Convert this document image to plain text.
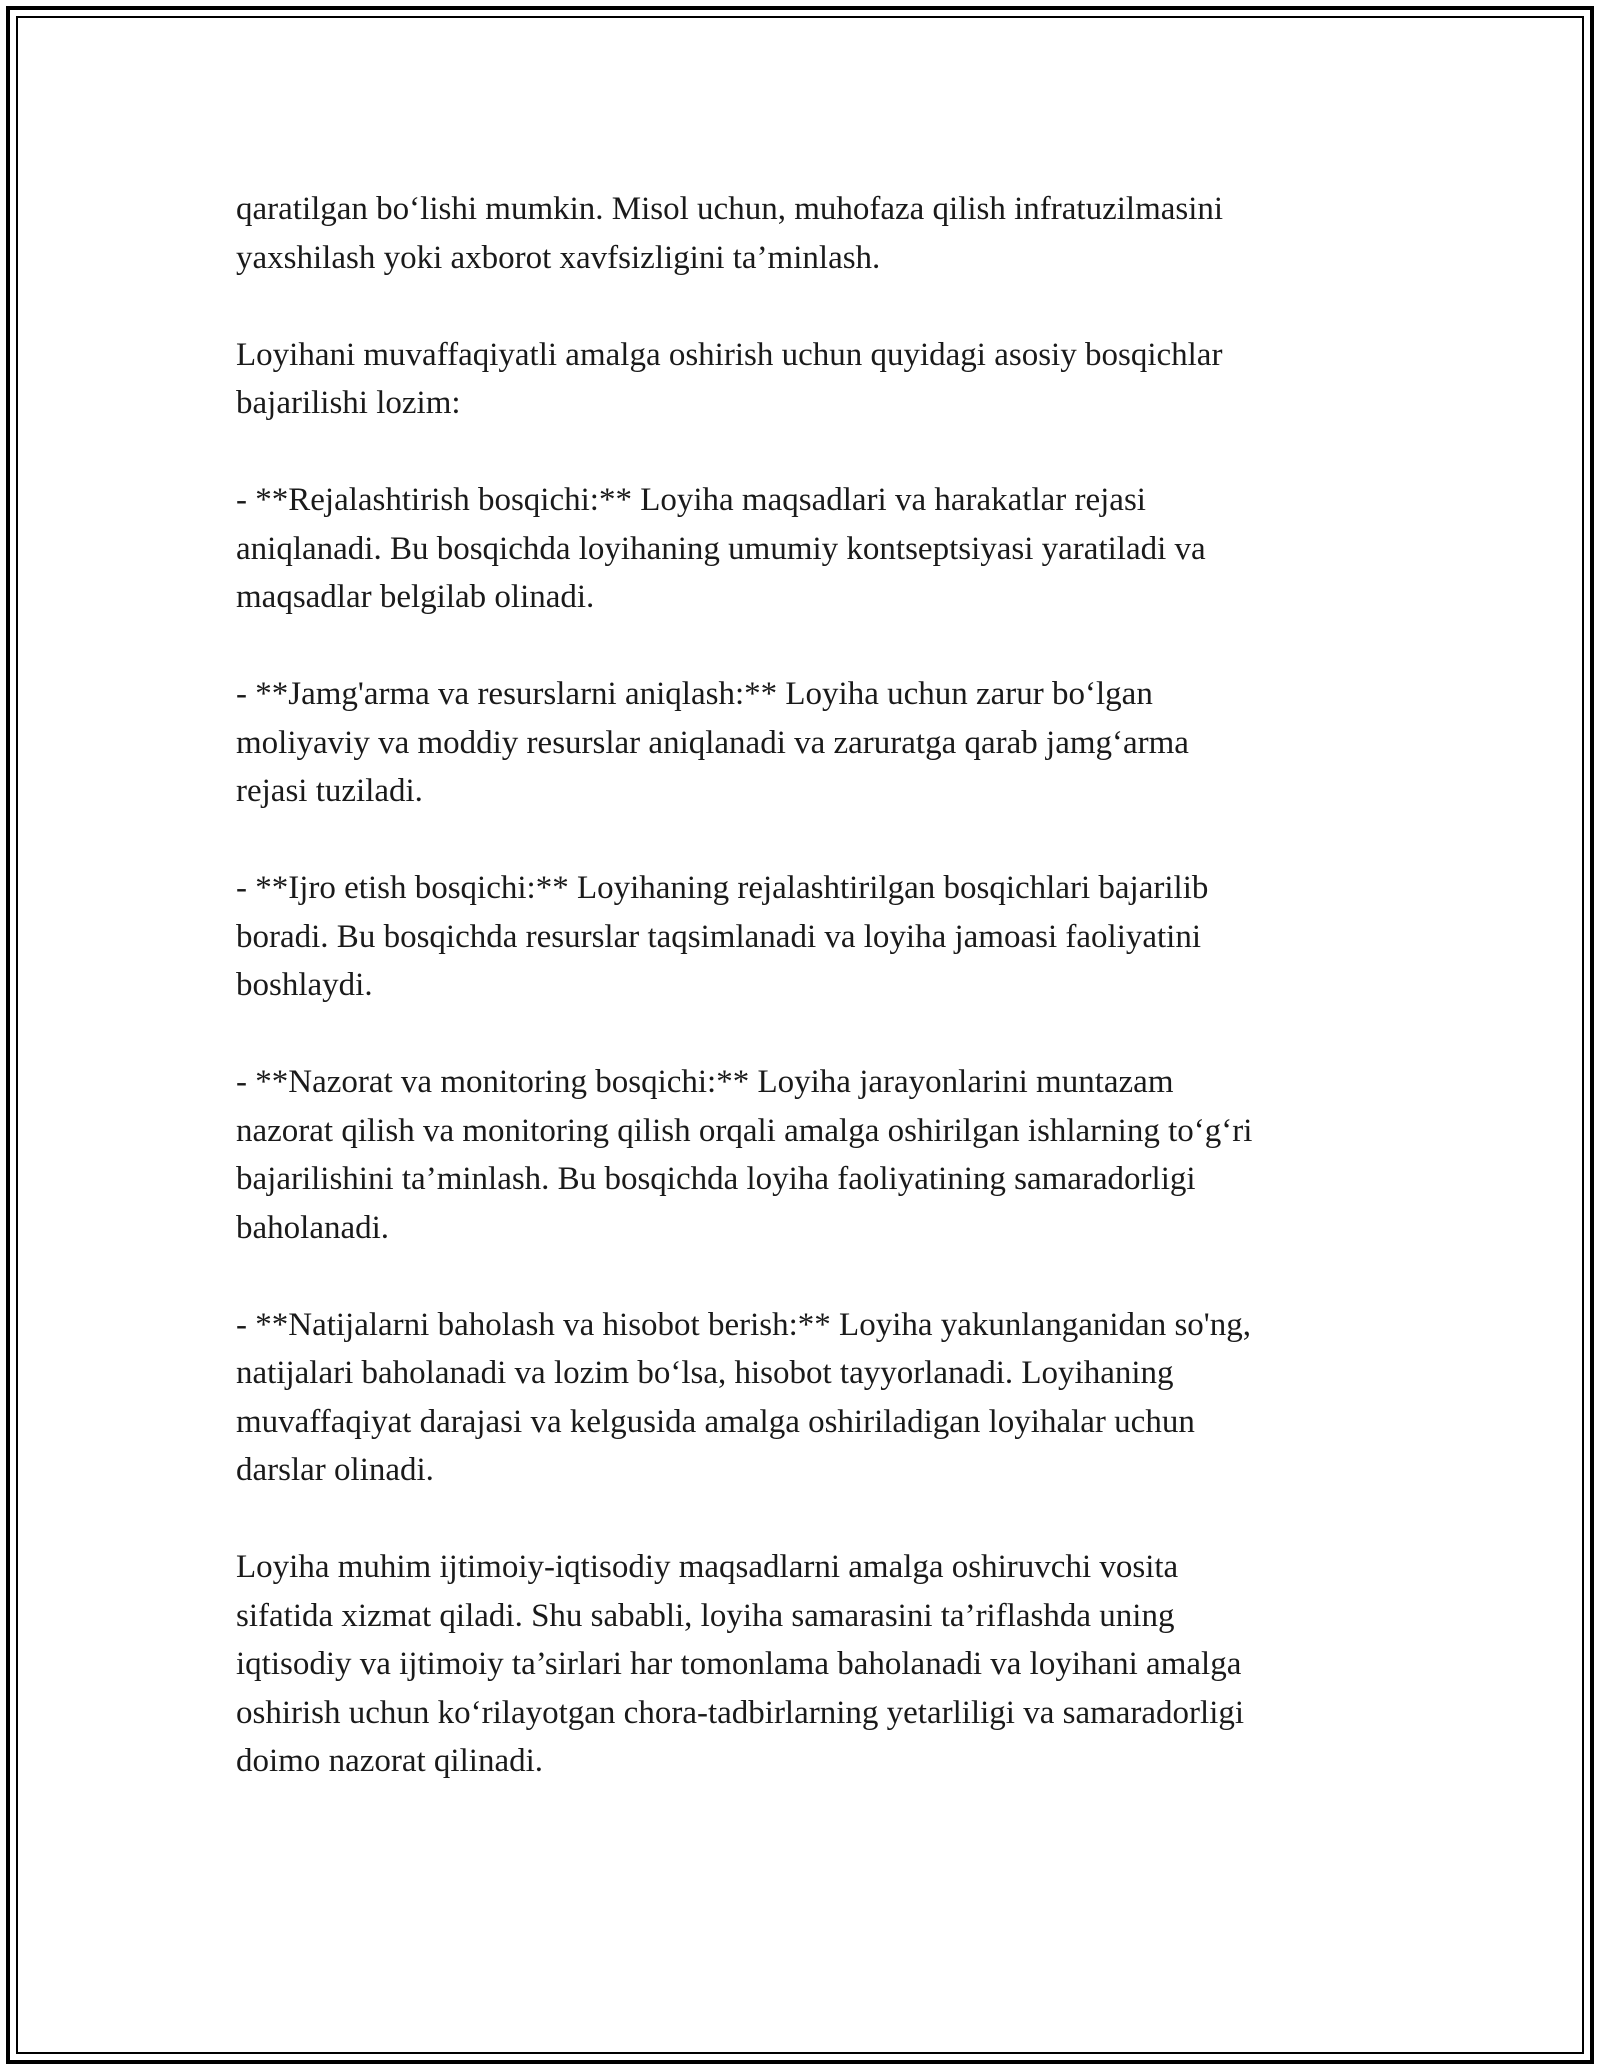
qaratilgan bo‘lishi mumkin. Misol uchun, muhofaza qilish infratuzilmasini
yaxshilash yoki axborot xavfsizligini ta’minlash.

Loyihani muvaffaqiyatli amalga oshirish uchun quyidagi asosiy bosqichlar
bajarilishi lozim:

- **Rejalashtirish bosqichi:** Loyiha maqsadlari va harakatlar rejasi
aniqlanadi. Bu bosqichda loyihaning umumiy kontseptsiyasi yaratiladi va
maqsadlar belgilab olinadi.

- **Jamg'arma va resurslarni aniqlash:** Loyiha uchun zarur bo‘lgan
moliyaviy va moddiy resurslar aniqlanadi va zaruratga qarab jamg‘arma
rejasi tuziladi.

- **Ijro etish bosqichi:** Loyihaning rejalashtirilgan bosqichlari bajarilib
boradi. Bu bosqichda resurslar taqsimlanadi va loyiha jamoasi faoliyatini
boshlaydi.

- **Nazorat va monitoring bosqichi:** Loyiha jarayonlarini muntazam
nazorat qilish va monitoring qilish orqali amalga oshirilgan ishlarning to‘g‘ri
bajarilishini ta’minlash. Bu bosqichda loyiha faoliyatining samaradorligi
baholanadi.

- **Natijalarni baholash va hisobot berish:** Loyiha yakunlanganidan so'ng,
natijalari baholanadi va lozim bo‘lsa, hisobot tayyorlanadi. Loyihaning
muvaffaqiyat darajasi va kelgusida amalga oshiriladigan loyihalar uchun
darslar olinadi.

Loyiha muhim ijtimoiy-iqtisodiy maqsadlarni amalga oshiruvchi vosita
sifatida xizmat qiladi. Shu sababli, loyiha samarasini ta’riflashda uning
iqtisodiy va ijtimoiy ta’sirlari har tomonlama baholanadi va loyihani amalga
oshirish uchun ko‘rilayotgan chora-tadbirlarning yetarliligi va samaradorligi
doimo nazorat qilinadi.
